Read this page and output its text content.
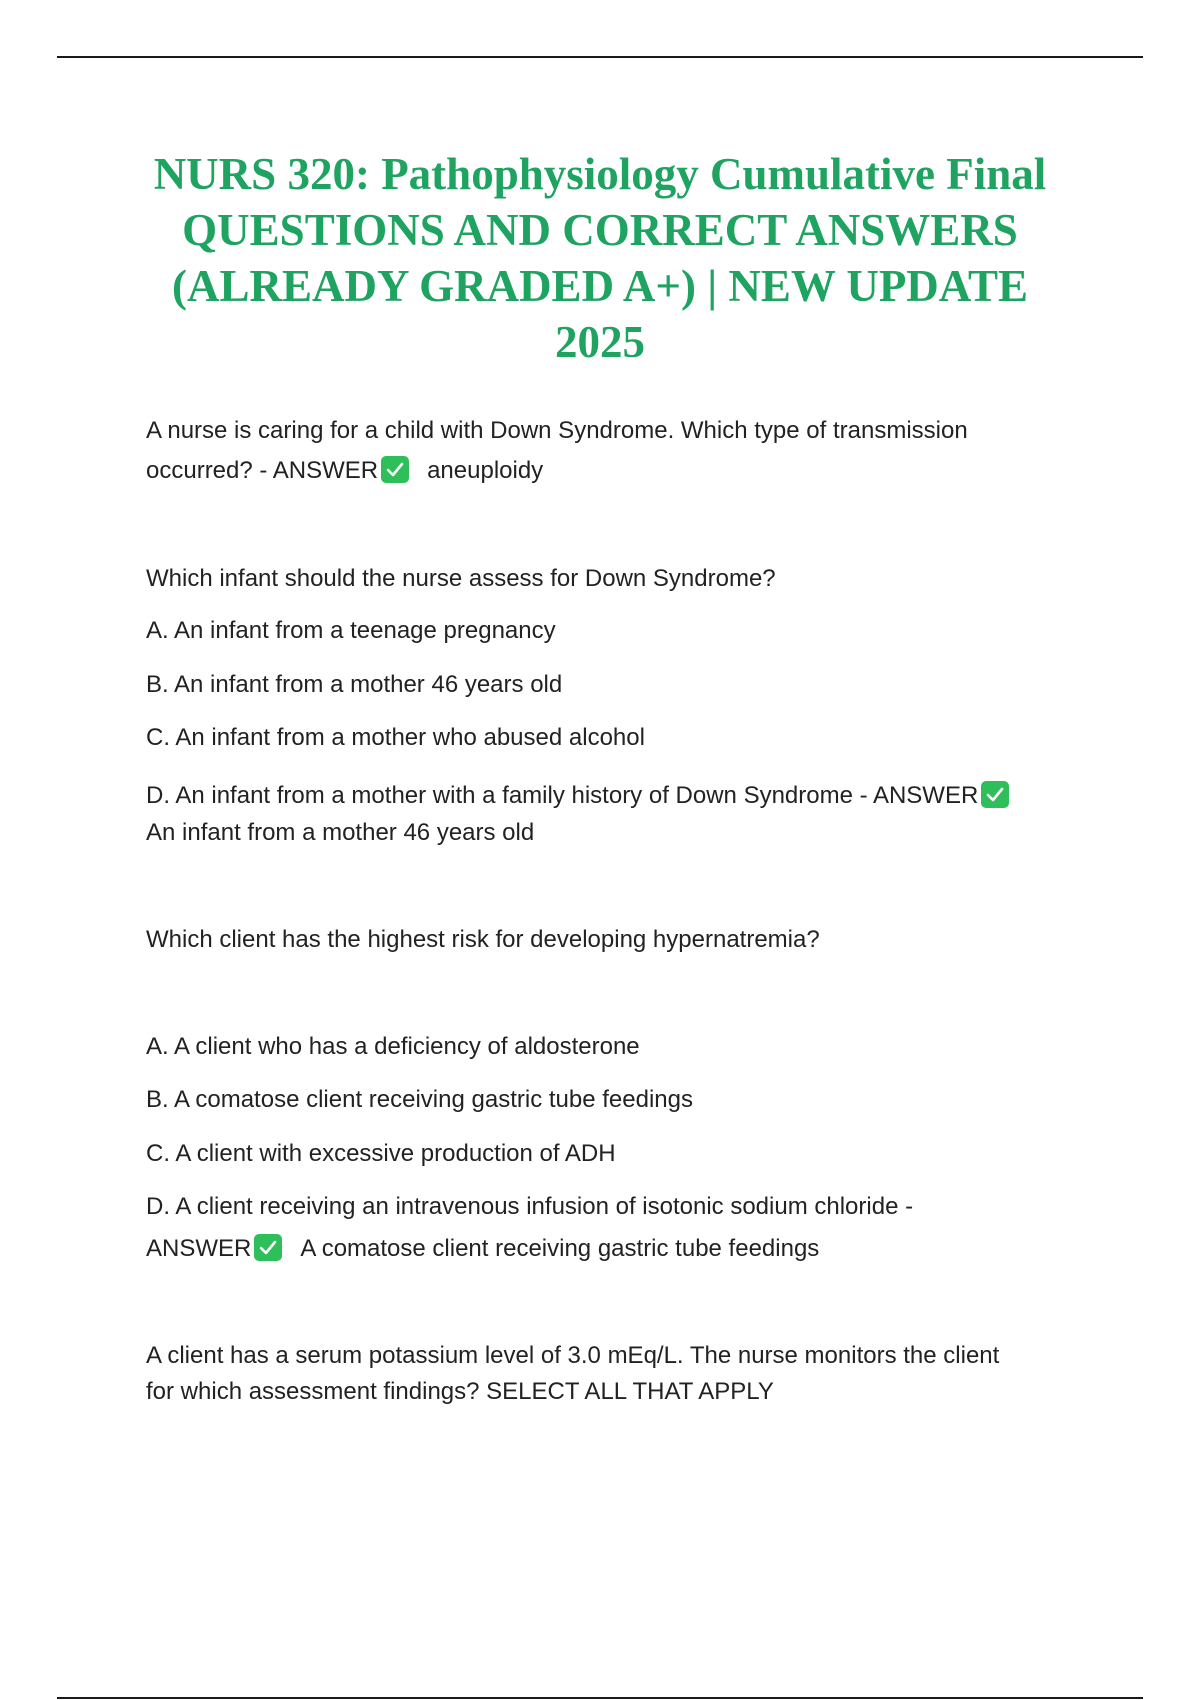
NURS 320: Pathophysiology Cumulative Final QUESTIONS AND CORRECT ANSWERS (ALREADY GRADED A+) | NEW UPDATE 2025
A nurse is caring for a child with Down Syndrome. Which type of transmission
occurred? - ANSWER aneuploidy
Which infant should the nurse assess for Down Syndrome?
A. An infant from a teenage pregnancy
B. An infant from a mother 46 years old
C. An infant from a mother who abused alcohol
D. An infant from a mother with a family history of Down Syndrome - ANSWER
An infant from a mother 46 years old
Which client has the highest risk for developing hypernatremia?
A. A client who has a deficiency of aldosterone
B. A comatose client receiving gastric tube feedings
C. A client with excessive production of ADH
D. A client receiving an intravenous infusion of isotonic sodium chloride -
ANSWER A comatose client receiving gastric tube feedings
A client has a serum potassium level of 3.0 mEq/L. The nurse monitors the client
for which assessment findings? SELECT ALL THAT APPLY
